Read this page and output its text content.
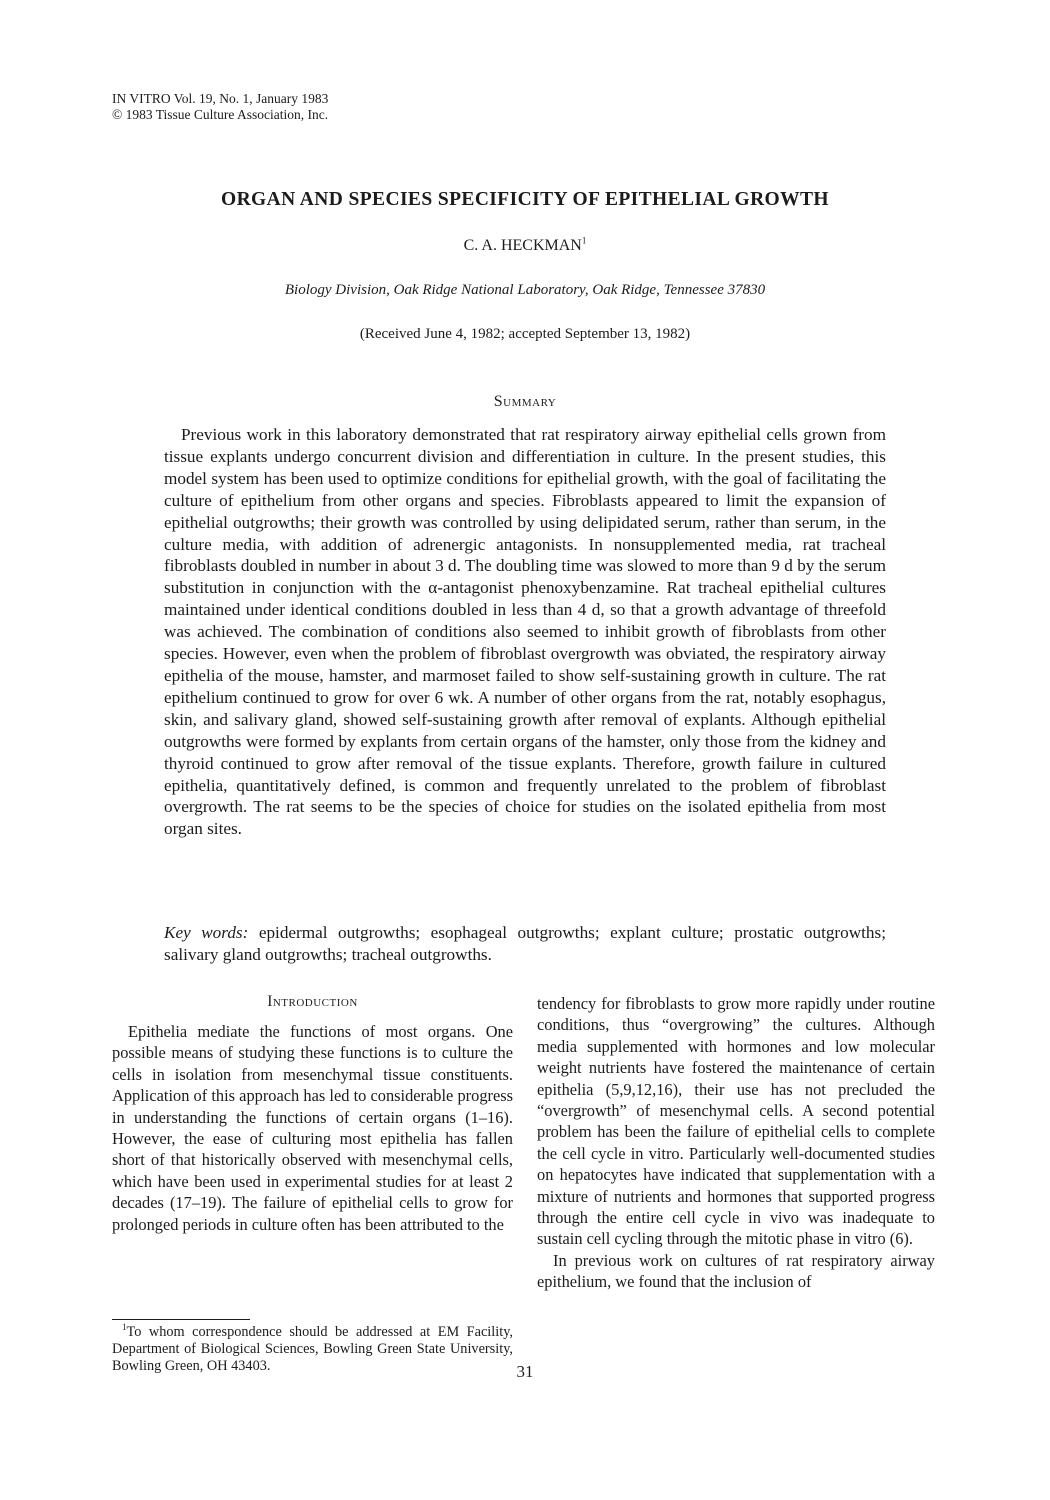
IN VITRO Vol. 19, No. 1, January 1983
© 1983 Tissue Culture Association, Inc.
ORGAN AND SPECIES SPECIFICITY OF EPITHELIAL GROWTH
C. A. HECKMAN$^1$
Biology Division, Oak Ridge National Laboratory, Oak Ridge, Tennessee 37830
(Received June 4, 1982; accepted September 13, 1982)
Summary

Previous work in this laboratory demonstrated that rat respiratory airway epithelial cells grown from tissue explants undergo concurrent division and differentiation in culture. In the present studies, this model system has been used to optimize conditions for epithelial growth, with the goal of facilitating the culture of epithelium from other organs and species. Fibroblasts appeared to limit the expansion of epithelial outgrowths; their growth was controlled by using delipidated serum, rather than serum, in the culture media, with addition of adrenergic antagonists. In nonsupplemented media, rat tracheal fibroblasts doubled in number in about 3 d. The doubling time was slowed to more than 9 d by the serum substitution in conjunction with the α-antagonist phenoxybenzamine. Rat tracheal epithelial cultures maintained under identical conditions doubled in less than 4 d, so that a growth advantage of threefold was achieved. The combination of conditions also seemed to inhibit growth of fibroblasts from other species. However, even when the problem of fibroblast overgrowth was obviated, the respiratory airway epithelia of the mouse, hamster, and marmoset failed to show self-sustaining growth in culture. The rat epithelium continued to grow for over 6 wk. A number of other organs from the rat, notably esophagus, skin, and salivary gland, showed self-sustaining growth after removal of explants. Although epithelial outgrowths were formed by explants from certain organs of the hamster, only those from the kidney and thyroid continued to grow after removal of the tissue explants. Therefore, growth failure in cultured epithelia, quantitatively defined, is common and frequently unrelated to the problem of fibroblast overgrowth. The rat seems to be the species of choice for studies on the isolated epithelia from most organ sites.

Key words: epidermal outgrowths; esophageal outgrowths; explant culture; prostatic outgrowths; salivary gland outgrowths; tracheal outgrowths.
Introduction

Epithelia mediate the functions of most organs. One possible means of studying these functions is to culture the cells in isolation from mesenchymal tissue constituents. Application of this approach has led to considerable progress in understanding the functions of certain organs (1–16). However, the ease of culturing most epithelia has fallen short of that historically observed with mesenchymal cells, which have been used in experimental studies for at least 2 decades (17–19). The failure of epithelial cells to grow for prolonged periods in culture often has been attributed to the

tendency for fibroblasts to grow more rapidly under routine conditions, thus “overgrowing” the cultures. Although media supplemented with hormones and low molecular weight nutrients have fostered the maintenance of certain epithelia (5,9,12,16), their use has not precluded the “overgrowth” of mesenchymal cells. A second potential problem has been the failure of epithelial cells to complete the cell cycle in vitro. Particularly well-documented studies on hepatocytes have indicated that supplementation with a mixture of nutrients and hormones that supported progress through the entire cell cycle in vivo was inadequate to sustain cell cycling through the mitotic phase in vitro (6).

In previous work on cultures of rat respiratory airway epithelium, we found that the inclusion of

$^1$To whom correspondence should be addressed at EM Facility, Department of Biological Sciences, Bowling Green State University, Bowling Green, OH 43403.	31
